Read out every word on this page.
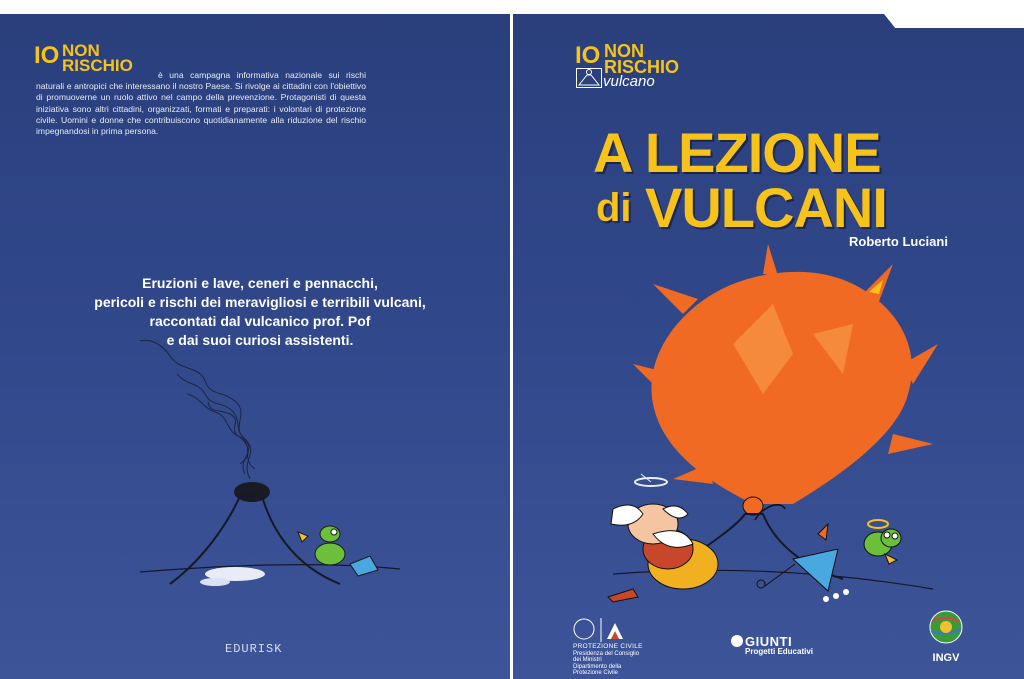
IO NON
RISCHIO	è una campagna informativa nazionale sui rischi naturali e antropici che interessano il nostro Paese. Si rivolge ai cittadini con l'obiettivo di promuoverne un ruolo attivo nel campo della prevenzione. Protagonisti di questa iniziativa sono altri cittadini, organizzati, formati e preparati: i volontari di protezione civile. Uomini e donne che contribuiscono quotidianamente alla riduzione del rischio impegnandosi in prima persona.
Eruzioni e lave, ceneri e pennacchi,
pericoli e rischi dei meravigliosi e terribili vulcani,
raccontati dal vulcanico prof. Pof
e dai suoi curiosi assistenti.
EDURISK
IO NON
RISCHIO
vulcano
A LEZIONE
di VULCANI
Roberto Luciani
PROTEZIONE CIVILE
Presidenza del Consiglio dei Ministri
Dipartimento della Protezione Civile
GIUNTI
Progetti Educativi
INGV
